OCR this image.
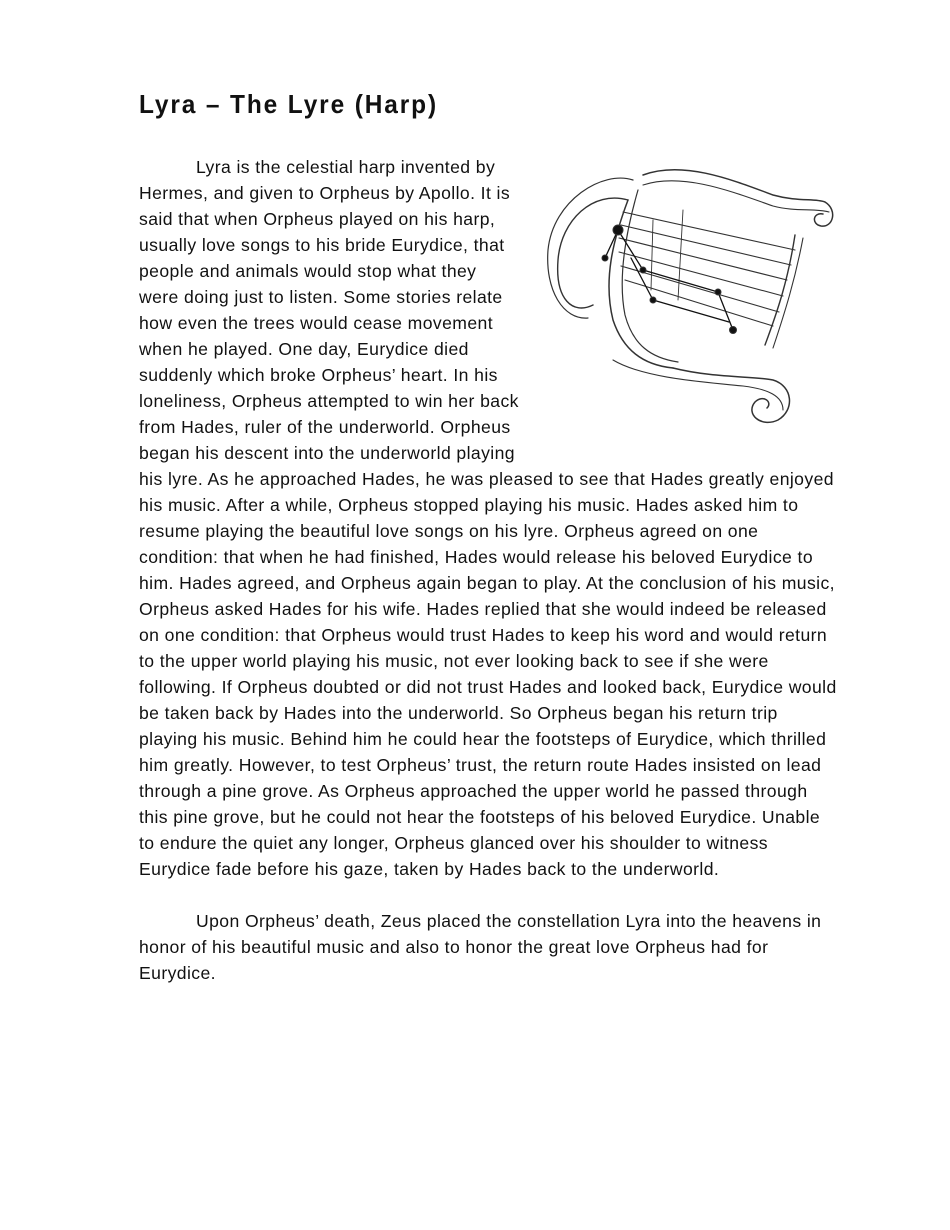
Lyra – The Lyre (Harp)

Lyra is the celestial harp invented by Hermes, and given to Orpheus by Apollo. It is said that when Orpheus played on his harp, usually love songs to his bride Eurydice, that people and animals would stop what they were doing just to listen. Some stories relate how even the trees would cease movement when he played. One day, Eurydice died suddenly which broke Orpheus’ heart. In his loneliness, Orpheus attempted to win her back from Hades, ruler of the underworld. Orpheus began his descent into the underworld playing his lyre. As he approached Hades, he was pleased to see that Hades greatly enjoyed his music. After a while, Orpheus stopped playing his music. Hades asked him to resume playing the beautiful love songs on his lyre. Orpheus agreed on one condition: that when he had finished, Hades would release his beloved Eurydice to him. Hades agreed, and Orpheus again began to play. At the conclusion of his music, Orpheus asked Hades for his wife. Hades replied that she would indeed be released on one condition: that Orpheus would trust Hades to keep his word and would return to the upper world playing his music, not ever looking back to see if she were following. If Orpheus doubted or did not trust Hades and looked back, Eurydice would be taken back by Hades into the underworld. So Orpheus began his return trip playing his music. Behind him he could hear the footsteps of Eurydice, which thrilled him greatly. However, to test Orpheus’ trust, the return route Hades insisted on lead through a pine grove. As Orpheus approached the upper world he passed through this pine grove, but he could not hear the footsteps of his beloved Eurydice. Unable to endure the quiet any longer, Orpheus glanced over his shoulder to witness Eurydice fade before his gaze, taken by Hades back to the underworld.

Upon Orpheus’ death, Zeus placed the constellation Lyra into the heavens in honor of his beautiful music and also to honor the great love Orpheus had for Eurydice.
